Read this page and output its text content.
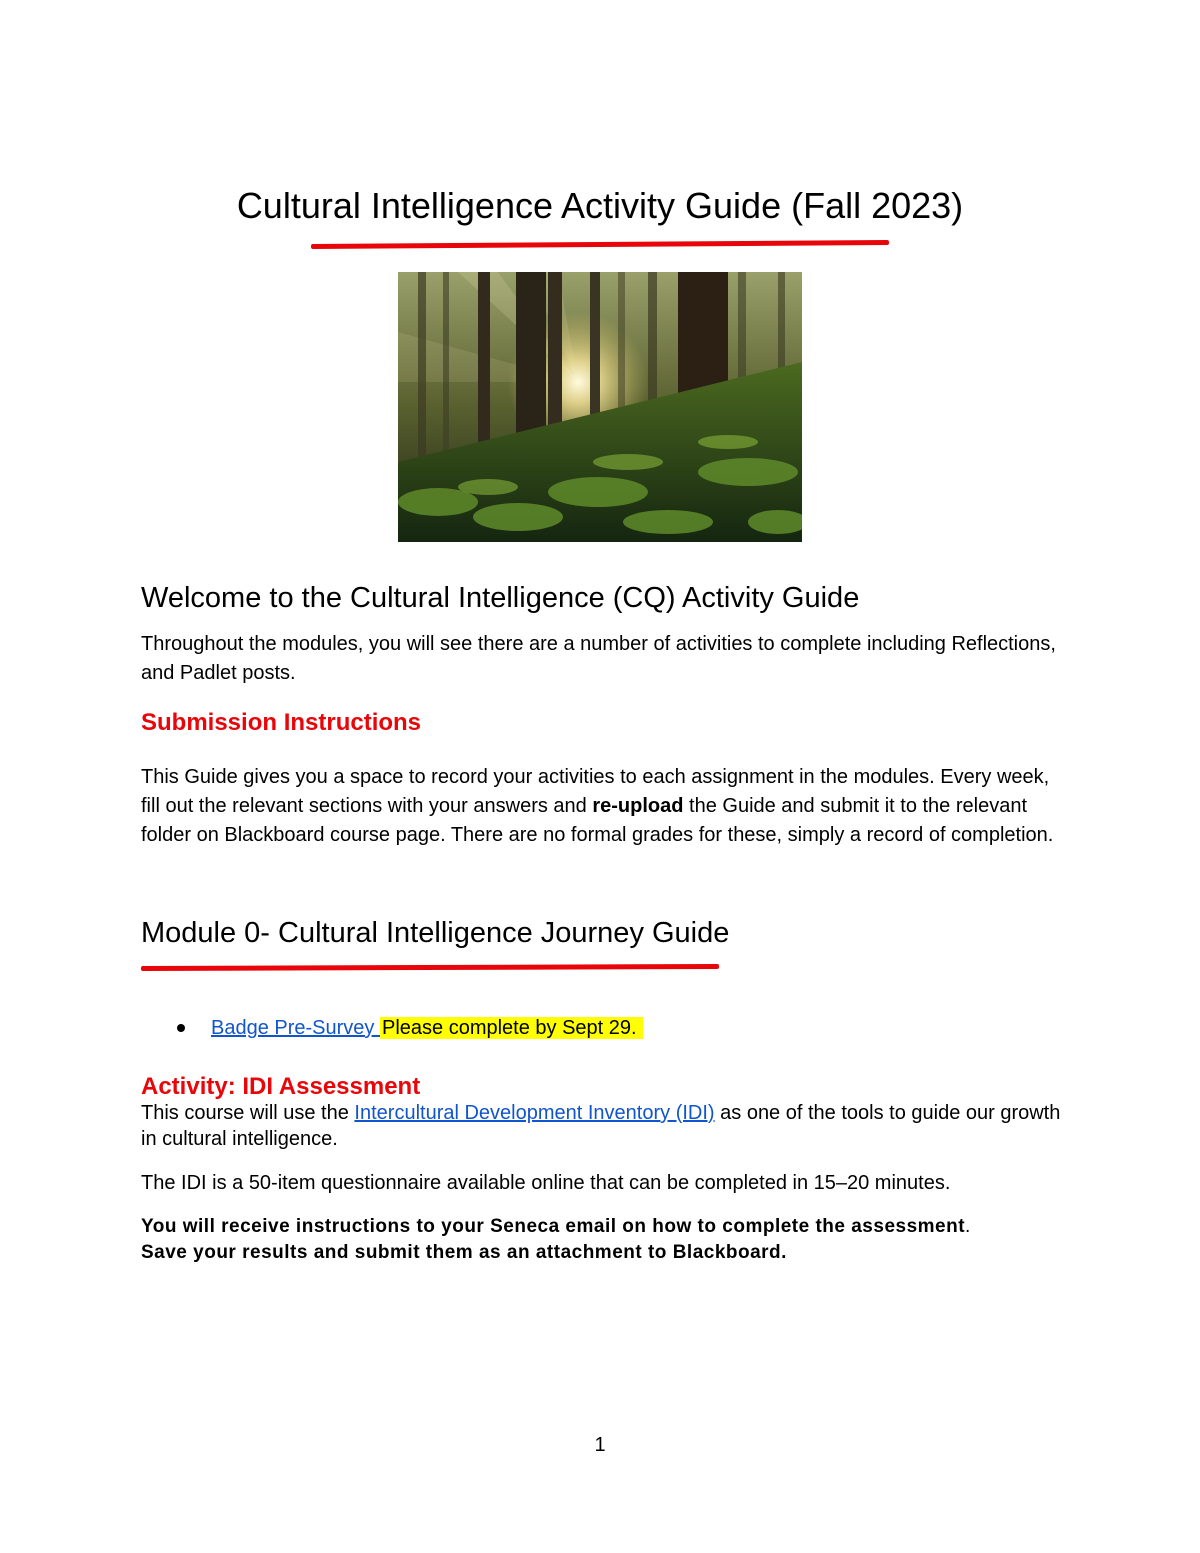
Cultural Intelligence Activity Guide (Fall 2023)
Welcome to the Cultural Intelligence (CQ) Activity Guide
Throughout the modules, you will see there are a number of activities to complete including Reflections, and Padlet posts.
Submission Instructions
This Guide gives you a space to record your activities to each assignment in the modules. Every week, fill out the relevant sections with your answers and re-upload the Guide and submit it to the relevant folder on Blackboard course page. There are no formal grades for these, simply a record of completion.
Module 0- Cultural Intelligence Journey Guide
Badge Pre-Survey Please complete by Sept 29.
Activity: IDI Assessment
This course will use the Intercultural Development Inventory (IDI) as one of the tools to guide our growth in cultural intelligence.
The IDI is a 50-item questionnaire available online that can be completed in 15–20 minutes.
You will receive instructions to your Seneca email on how to complete the assessment.
Save your results and submit them as an attachment to Blackboard.
1
